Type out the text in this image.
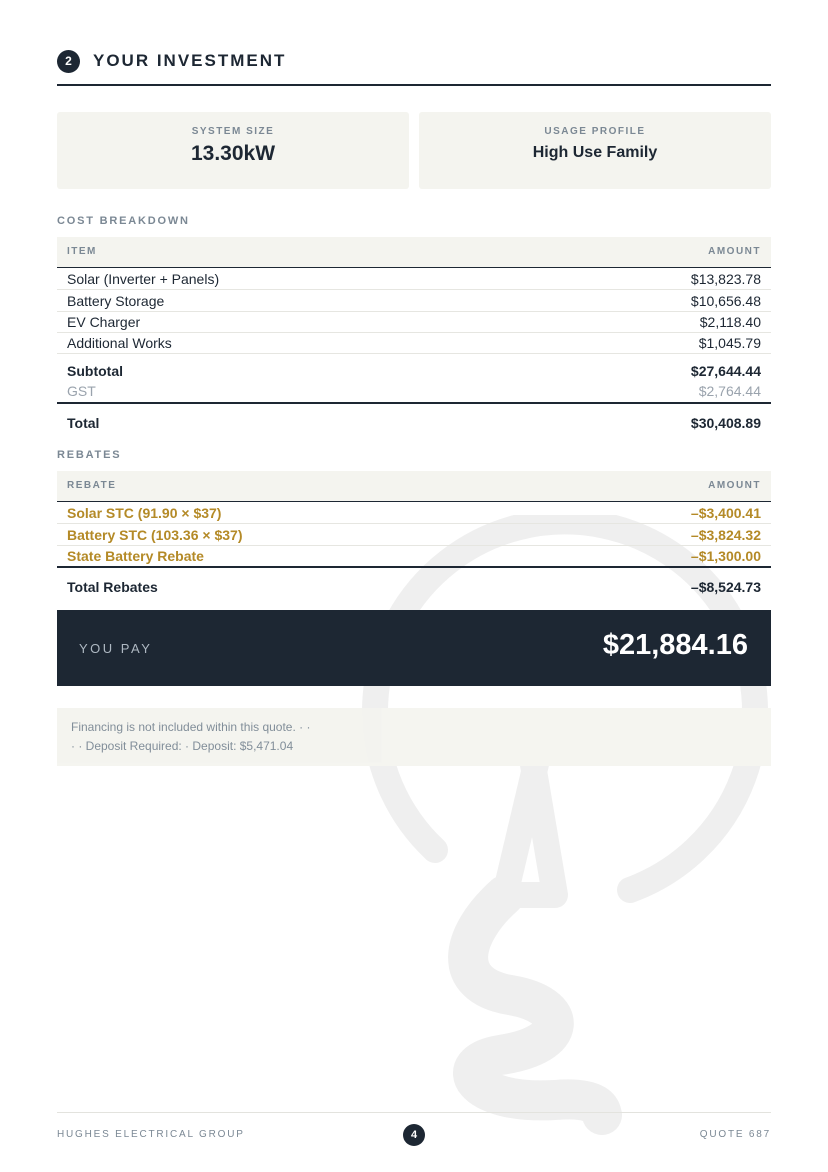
2	YOUR INVESTMENT
SYSTEM SIZE
13.30kW
USAGE PROFILE
High Use Family
COST BREAKDOWN
ITEM	AMOUNT
Solar (Inverter + Panels)	$13,823.78
Battery Storage	$10,656.48
EV Charger	$2,118.40
Additional Works	$1,045.79
Subtotal	$27,644.44
GST	$2,764.44
Total	$30,408.89
REBATES
REBATE	AMOUNT
Solar STC (91.90 × $37)	–$3,400.41
Battery STC (103.36 × $37)	–$3,824.32
State Battery Rebate	–$1,300.00
Total Rebates	–$8,524.73
YOU PAY	$21,884.16
Financing is not included within this quote. · ·
· · Deposit Required: · Deposit: $5,471.04
HUGHES ELECTRICAL GROUP	4	QUOTE 687
